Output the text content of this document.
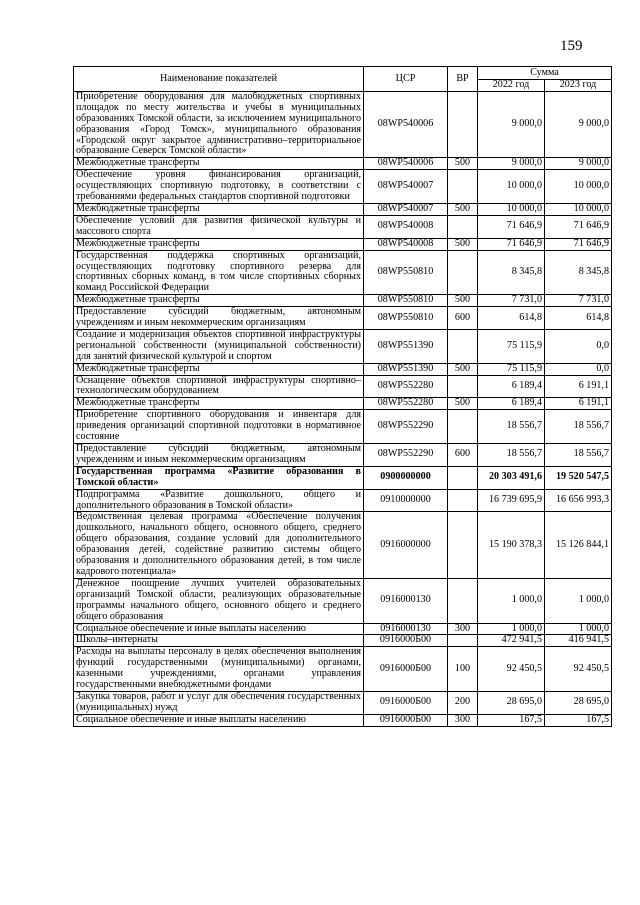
159
Наименование показателей	ЦСР	ВР	Сумма	
			2022 год	2023 год
Приобретение оборудования для малобюджетных спортивных площадок по месту жительства и учебы в муниципальных образованиях Томской области, за исключением муниципального образования «Город Томск», муниципального образования «Городской округ закрытое административно–территориальное образование Северск Томской области»	08WP540006		9 000,0	9 000,0
Межбюджетные трансферты	08WP540006	500	9 000,0	9 000,0
Обеспечение уровня финансирования организаций, осуществляющих спортивную подготовку, в соответствии с требованиями федеральных стандартов спортивной подготовки	08WP540007		10 000,0	10 000,0
Межбюджетные трансферты	08WP540007	500	10 000,0	10 000,0
Обеспечение условий для развития физической культуры и массового спорта	08WP540008		71 646,9	71 646,9
Межбюджетные трансферты	08WP540008	500	71 646,9	71 646,9
Государственная поддержка спортивных организаций, осуществляющих подготовку спортивного резерва для спортивных сборных команд, в том числе спортивных сборных команд Российской Федерации	08WP550810		8 345,8	8 345,8
Межбюджетные трансферты	08WP550810	500	7 731,0	7 731,0
Предоставление субсидий бюджетным, автономным учреждениям и иным некоммерческим организациям	08WP550810	600	614,8	614,8
Создание и модернизация объектов спортивной инфраструктуры региональной собственности (муниципальной собственности) для занятий физической культурой и спортом	08WP551390		75 115,9	0,0
Межбюджетные трансферты	08WP551390	500	75 115,9	0,0
Оснащение объектов спортивной инфраструктуры спортивно–технологическим оборудованием	08WP552280		6 189,4	6 191,1
Межбюджетные трансферты	08WP552280	500	6 189,4	6 191,1
Приобретение спортивного оборудования и инвентаря для приведения организаций спортивной подготовки в нормативное состояние	08WP552290		18 556,7	18 556,7
Предоставление субсидий бюджетным, автономным учреждениям и иным некоммерческим организациям	08WP552290	600	18 556,7	18 556,7
Государственная программа «Развитие образования в Томской области»	0900000000		20 303 491,6	19 520 547,5
Подпрограмма «Развитие дошкольного, общего и дополнительного образования в Томской области»	0910000000		16 739 695,9	16 656 993,3
Ведомственная целевая программа «Обеспечение получения дошкольного, начального общего, основного общего, среднего общего образования, создание условий для дополнительного образования детей, содействие развитию системы общего образования и дополнительного образования детей, в том числе кадрового потенциала»	0916000000		15 190 378,3	15 126 844,1
Денежное поощрение лучших учителей образовательных организаций Томской области, реализующих образовательные программы начального общего, основного общего и среднего общего образования	0916000130		1 000,0	1 000,0
Социальное обеспечение и иные выплаты населению	0916000130	300	1 000,0	1 000,0
Школы–интернаты	0916000Б00		472 941,5	416 941,5
Расходы на выплаты персоналу в целях обеспечения выполнения функций государственными (муниципальными) органами, казенными учреждениями, органами управления государственными внебюджетными фондами	0916000Б00	100	92 450,5	92 450,5
Закупка товаров, работ и услуг для обеспечения государственных (муниципальных) нужд	0916000Б00	200	28 695,0	28 695,0
Социальное обеспечение и иные выплаты населению	0916000Б00	300	167,5	167,5
